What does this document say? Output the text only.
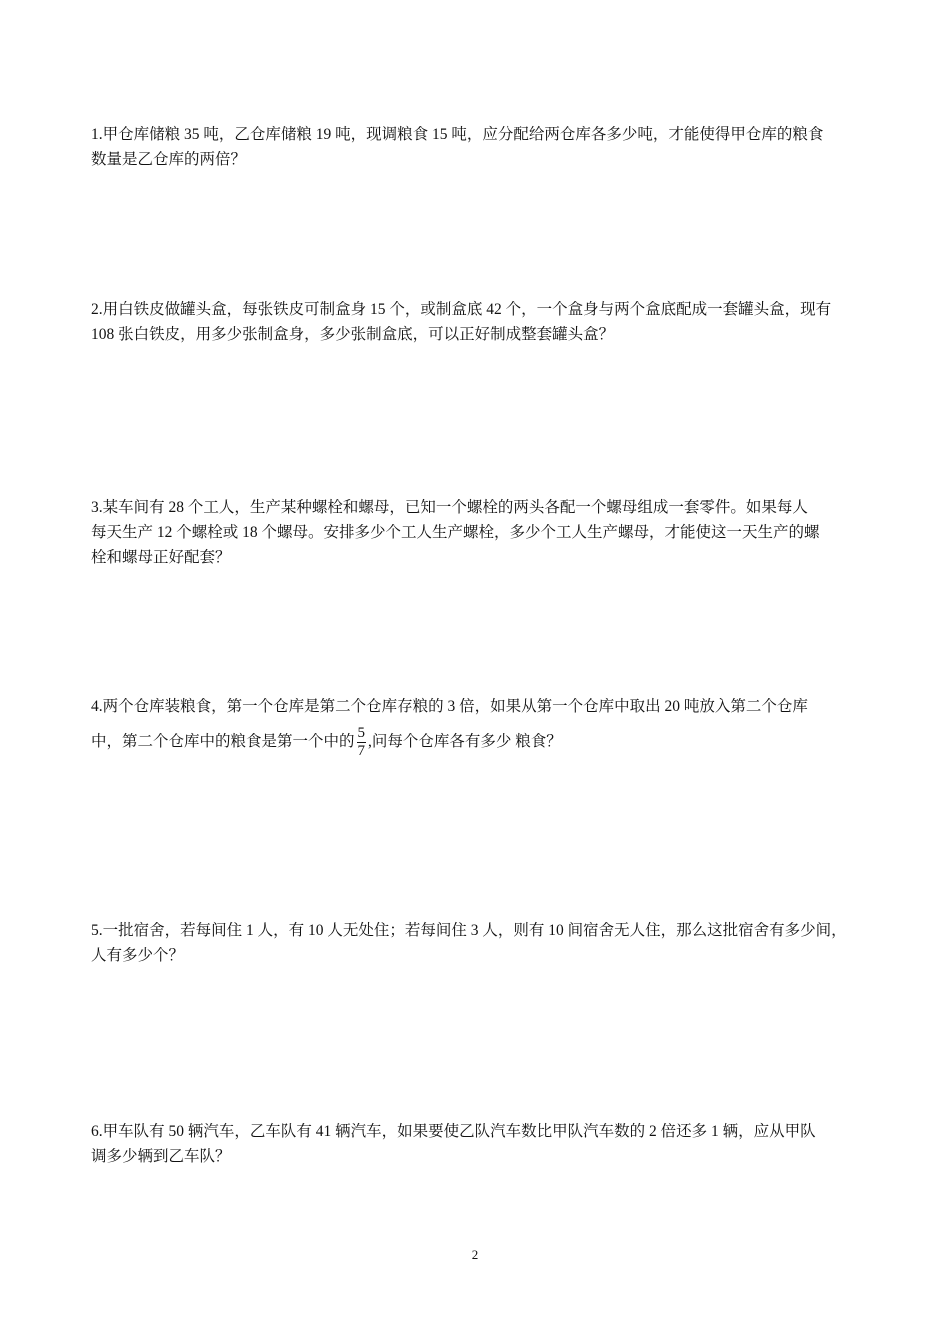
1.甲仓库储粮 35 吨，乙仓库储粮 19 吨，现调粮食 15 吨，应分配给两仓库各多少吨，才能使得甲仓库的粮食

数量是乙仓库的两倍？

2.用白铁皮做罐头盒，每张铁皮可制盒身 15 个，或制盒底 42 个，一个盒身与两个盒底配成一套罐头盒，现有

108 张白铁皮，用多少张制盒身，多少张制盒底，可以正好制成整套罐头盒？

3.某车间有 28 个工人，生产某种螺栓和螺母，已知一个螺栓的两头各配一个螺母组成一套零件。如果每人

每天生产 12 个螺栓或 18 个螺母。安排多少个工人生产螺栓，多少个工人生产螺母，才能使这一天生产的螺

栓和螺母正好配套？

4.两个仓库装粮食，第一个仓库是第二个仓库存粮的 3 倍，如果从第一个仓库中取出 20 吨放入第二个仓库

中，第二个仓库中的粮食是第一个中的 $\frac{5}{7}$ ,问每个仓库各有多少 粮食？

5.一批宿舍，若每间住 1 人，有 10 人无处住；若每间住 3 人，则有 10 间宿舍无人住，那么这批宿舍有多少间，

人有多少个？

6.甲车队有 50 辆汽车，乙车队有 41 辆汽车，如果要使乙队汽车数比甲队汽车数的 2 倍还多 1 辆，应从甲队

调多少辆到乙车队？

2
